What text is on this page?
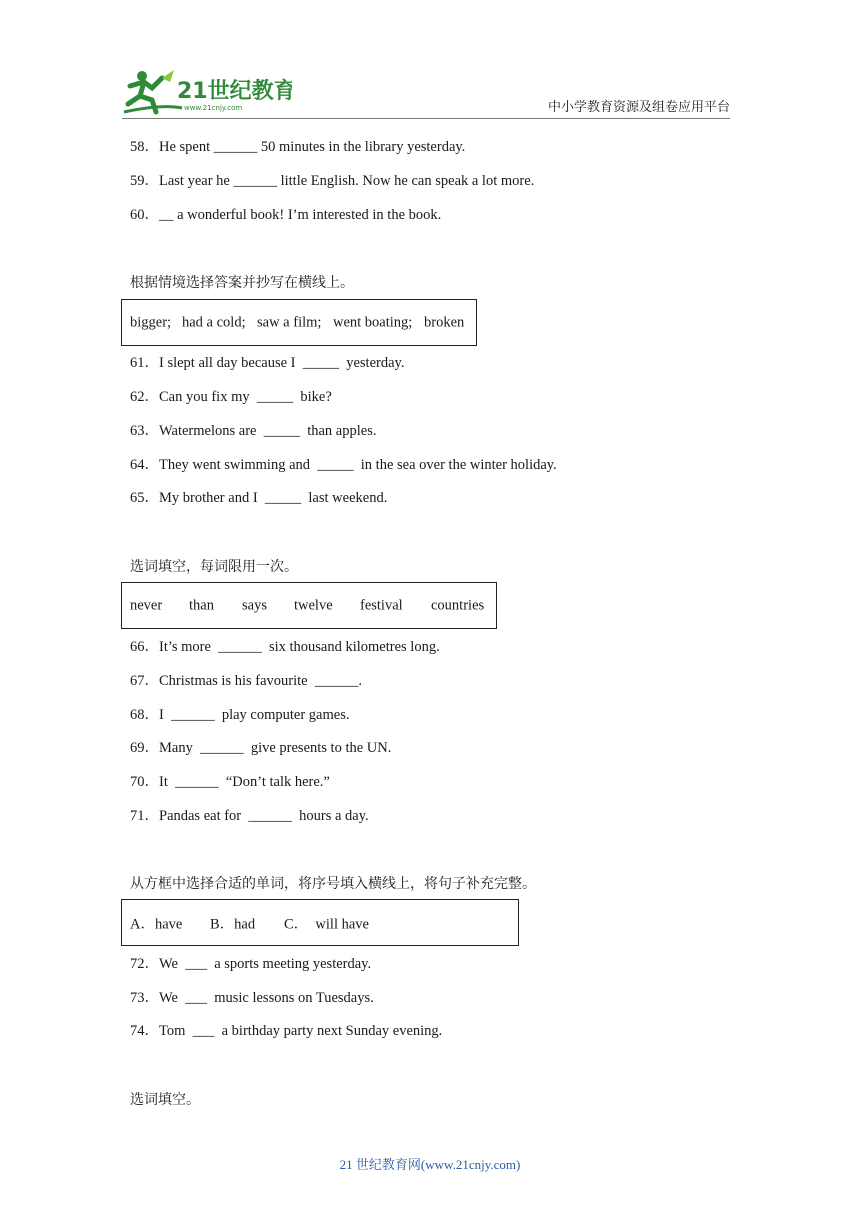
21世纪教育
www.21cnjy.com	中小学教育资源及组卷应用平台
58．He spent ______ 50 minutes in the library yesterday.
59．Last year he ______ little English. Now he can speak a lot more.
60．__ a wonderful book! I’m interested in the book.
根据情境选择答案并抄写在横线上。
bigger; had a cold; saw a film; went boating; broken
61．I slept all day because I  _____  yesterday.
62．Can you fix my  _____  bike?
63．Watermelons are  _____  than apples.
64．They went swimming and  _____  in the sea over the winter holiday.
65．My brother and I  _____  last weekend.
选词填空，每词限用一次。
never than says twelve festival countries
66．It’s more  ______  six thousand kilometres long.
67．Christmas is his favourite  ______.
68．I  ______  play computer games.
69．Many  ______  give presents to the UN.
70．It  ______  “Don’t talk here.”
71．Pandas eat for  ______  hours a day.
从方框中选择合适的单词，将序号填入横线上，将句子补充完整。
A．have B．had C．  will have
72．We  ___  a sports meeting yesterday.
73．We  ___  music lessons on Tuesdays.
74．Tom  ___  a birthday party next Sunday evening.
选词填空。
21 世纪教育网(www.21cnjy.com)
